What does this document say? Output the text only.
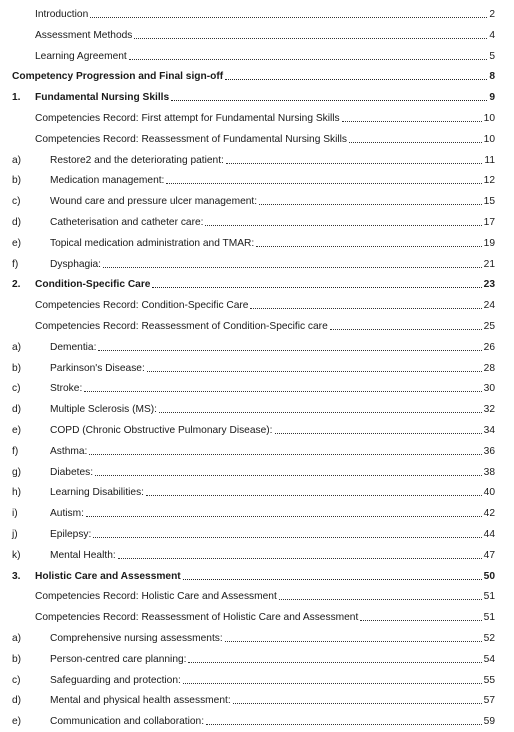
Introduction	2
Assessment Methods	4
Learning Agreement	5
Competency Progression and Final sign-off	8
1. Fundamental Nursing Skills	9
Competencies Record: First attempt for Fundamental Nursing Skills	10
Competencies Record: Reassessment of Fundamental Nursing Skills	10
a)	Restore2 and the deteriorating patient:	11
b)	Medication management:	12
c)	Wound care and pressure ulcer management:	15
d)	Catheterisation and catheter care:	17
e)	Topical medication administration and TMAR:	19
f)	Dysphagia:	21
2. Condition-Specific Care	23
Competencies Record: Condition-Specific Care	24
Competencies Record: Reassessment of Condition-Specific care	25
a)	Dementia:	26
b)	Parkinson's Disease:	28
c)	Stroke:	30
d)	Multiple Sclerosis (MS):	32
e)	COPD (Chronic Obstructive Pulmonary Disease):	34
f)	Asthma:	36
g)	Diabetes:	38
h)	Learning Disabilities:	40
i)	Autism:	42
j)	Epilepsy:	44
k)	Mental Health:	47
3. Holistic Care and Assessment	50
Competencies Record: Holistic Care and Assessment	51
Competencies Record: Reassessment of Holistic Care and Assessment	51
a)	Comprehensive nursing assessments:	52
b)	Person-centred care planning:	54
c)	Safeguarding and protection:	55
d)	Mental and physical health assessment:	57
e)	Communication and collaboration:	59
